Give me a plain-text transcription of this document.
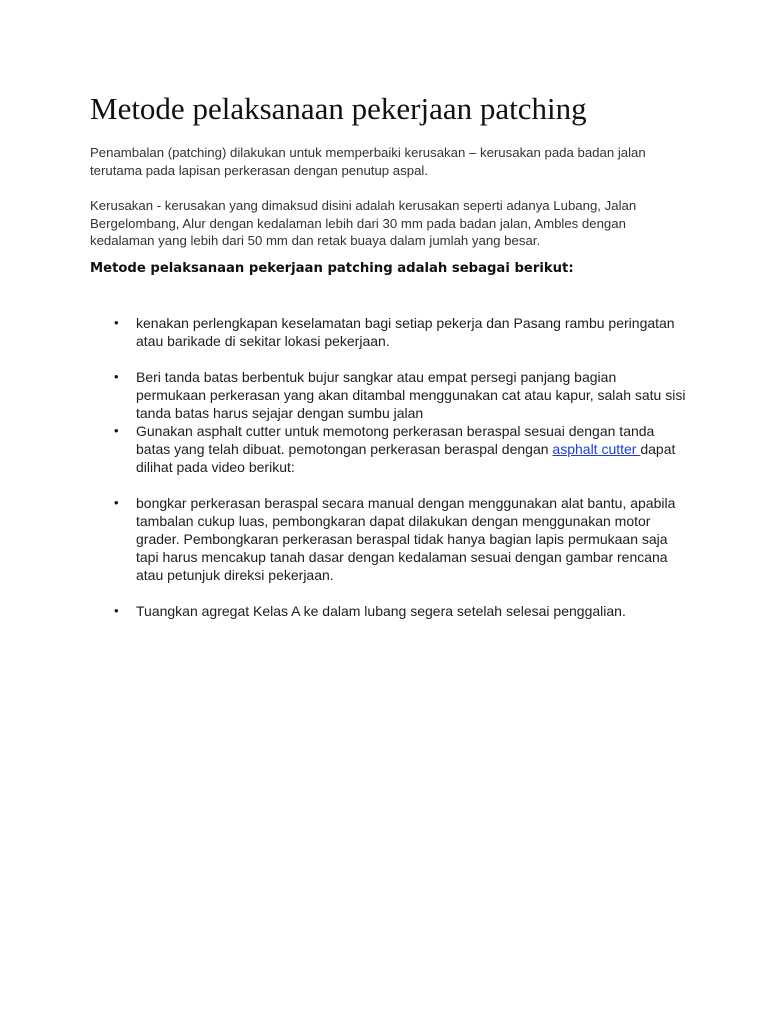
Metode pelaksanaan pekerjaan patching

Penambalan (patching) dilakukan untuk memperbaiki kerusakan – kerusakan pada badan jalan terutama pada lapisan perkerasan dengan penutup aspal.

Kerusakan - kerusakan yang dimaksud disini adalah kerusakan seperti adanya Lubang, Jalan Bergelombang, Alur dengan kedalaman lebih dari 30 mm pada badan jalan, Ambles dengan kedalaman yang lebih dari 50 mm dan retak buaya dalam jumlah yang besar.

Metode pelaksanaan pekerjaan patching adalah sebagai berikut:

• kenakan perlengkapan keselamatan bagi setiap pekerja dan Pasang rambu peringatan atau barikade di sekitar lokasi pekerjaan.
• Beri tanda batas berbentuk bujur sangkar atau empat persegi panjang bagian permukaan perkerasan yang akan ditambal menggunakan cat atau kapur, salah satu sisi tanda batas harus sejajar dengan sumbu jalan
• Gunakan asphalt cutter untuk memotong perkerasan beraspal sesuai dengan tanda batas yang telah dibuat. pemotongan perkerasan beraspal dengan asphalt cutter dapat dilihat pada video berikut:
• bongkar perkerasan beraspal secara manual dengan menggunakan alat bantu, apabila tambalan cukup luas, pembongkaran dapat dilakukan dengan menggunakan motor grader. Pembongkaran perkerasan beraspal tidak hanya bagian lapis permukaan saja tapi harus mencakup tanah dasar dengan kedalaman sesuai dengan gambar rencana atau petunjuk direksi pekerjaan.
• Tuangkan agregat Kelas A ke dalam lubang segera setelah selesai penggalian.
